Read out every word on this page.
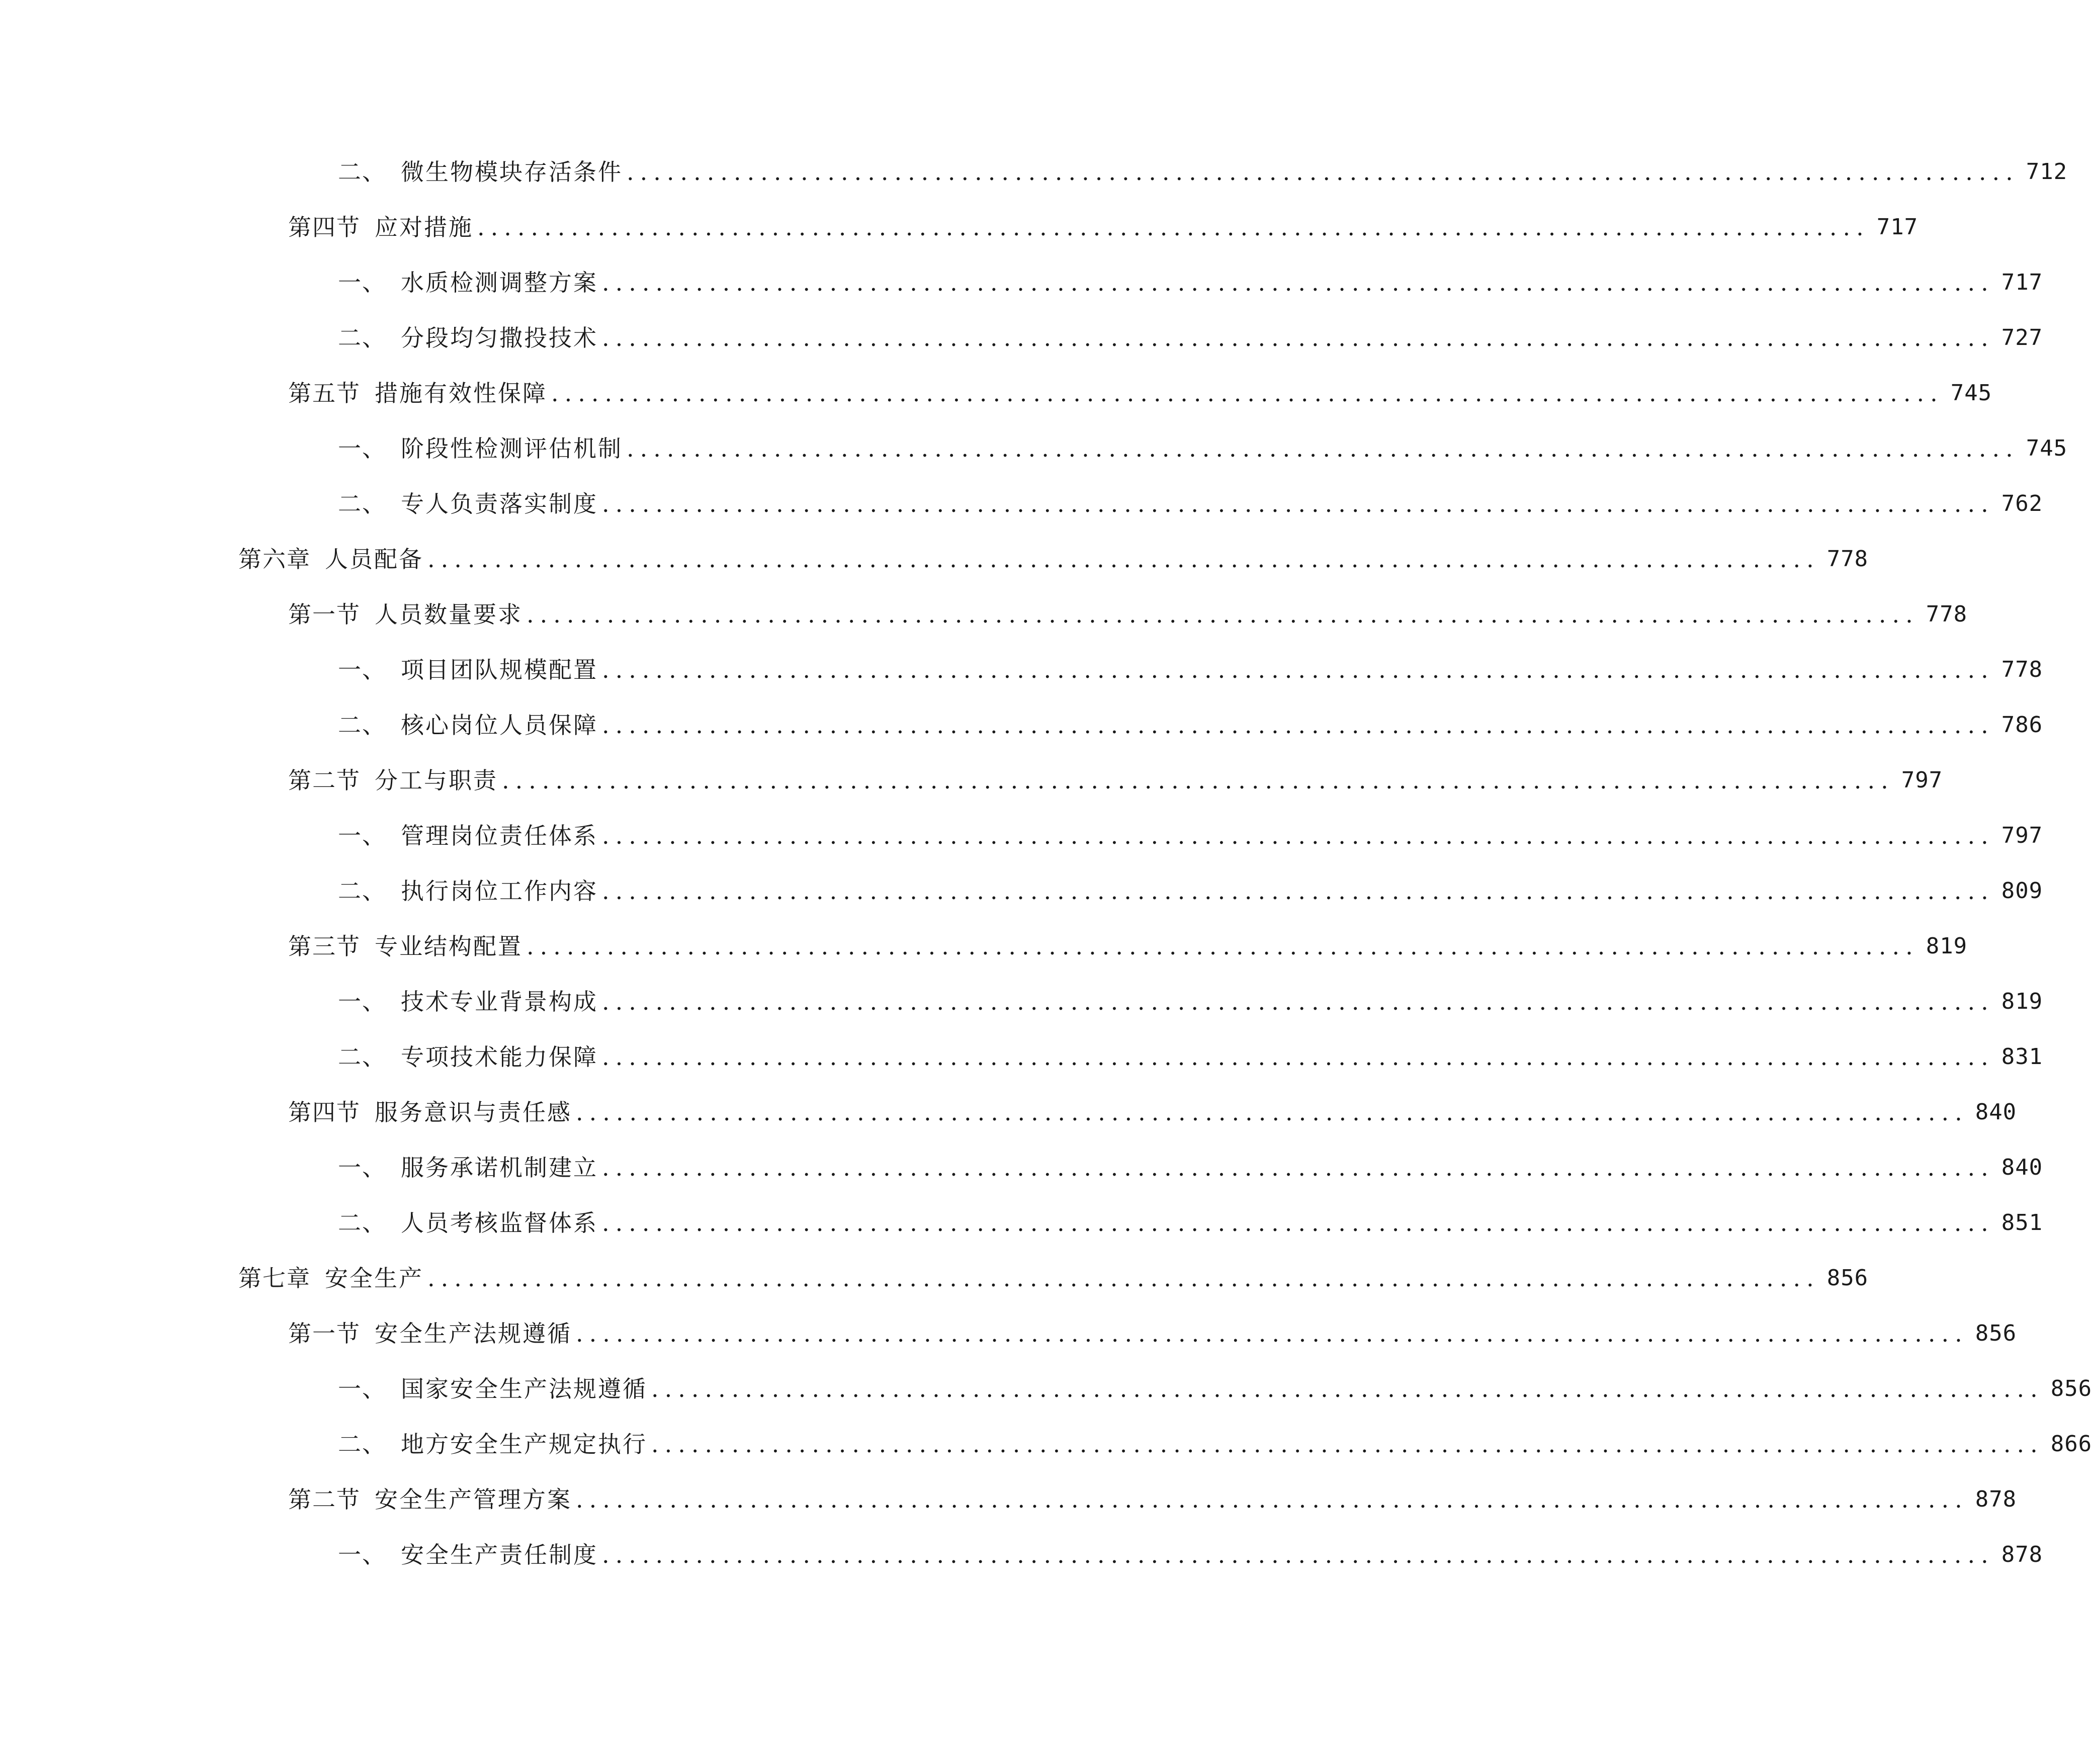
二、 微生物模块存活条件 ........................................................................................................ 712
第四节 应对措施 ........................................................................................................ 717
一、 水质检测调整方案 ........................................................................................................ 717
二、 分段均匀撒投技术 ........................................................................................................ 727
第五节 措施有效性保障 ........................................................................................................ 745
一、 阶段性检测评估机制 ........................................................................................................ 745
二、 专人负责落实制度 ........................................................................................................ 762
第六章 人员配备 ........................................................................................................ 778
第一节 人员数量要求 ........................................................................................................ 778
一、 项目团队规模配置 ........................................................................................................ 778
二、 核心岗位人员保障 ........................................................................................................ 786
第二节 分工与职责 ........................................................................................................ 797
一、 管理岗位责任体系 ........................................................................................................ 797
二、 执行岗位工作内容 ........................................................................................................ 809
第三节 专业结构配置 ........................................................................................................ 819
一、 技术专业背景构成 ........................................................................................................ 819
二、 专项技术能力保障 ........................................................................................................ 831
第四节 服务意识与责任感 ........................................................................................................ 840
一、 服务承诺机制建立 ........................................................................................................ 840
二、 人员考核监督体系 ........................................................................................................ 851
第七章 安全生产 ........................................................................................................ 856
第一节 安全生产法规遵循 ........................................................................................................ 856
一、 国家安全生产法规遵循 ........................................................................................................ 856
二、 地方安全生产规定执行 ........................................................................................................ 866
第二节 安全生产管理方案 ........................................................................................................ 878
一、 安全生产责任制度 ........................................................................................................ 878
